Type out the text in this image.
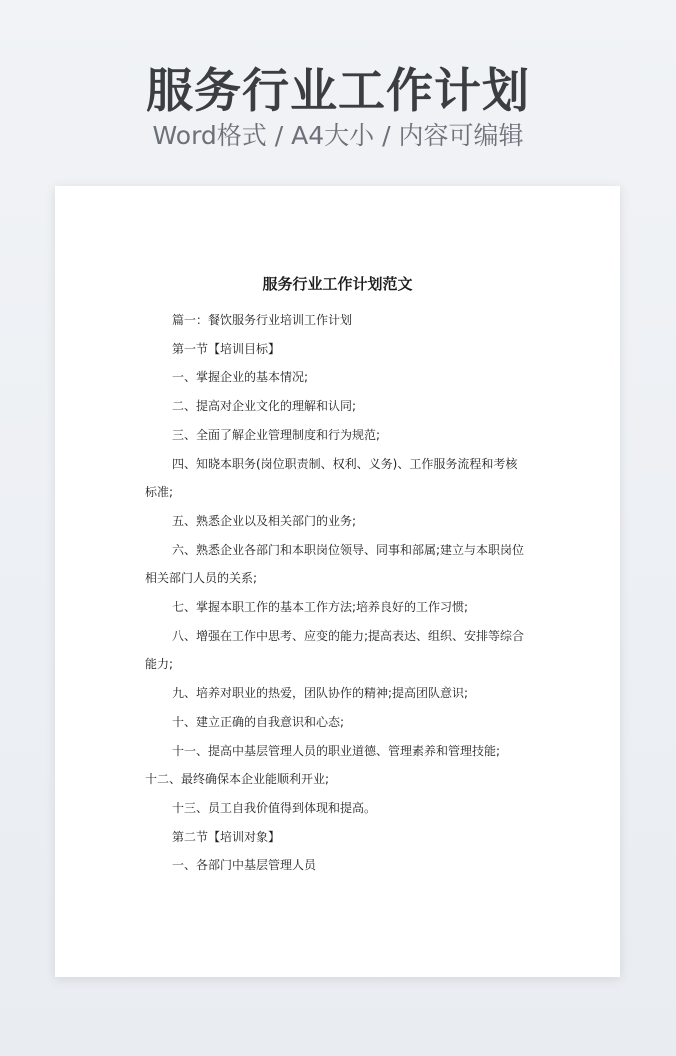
服务行业工作计划
Word格式 / A4大小 / 内容可编辑
服务行业工作计划范文

篇一：餐饮服务行业培训工作计划

第一节【培训目标】

一、掌握企业的基本情况;

二、提高对企业文化的理解和认同;

三、全面了解企业管理制度和行为规范;

四、知晓本职务(岗位职责制、权利、义务)、工作服务流程和考核标准;

五、熟悉企业以及相关部门的业务;

六、熟悉企业各部门和本职岗位领导、同事和部属;建立与本职岗位相关部门人员的关系;

七、掌握本职工作的基本工作方法;培养良好的工作习惯;

八、增强在工作中思考、应变的能力;提高表达、组织、安排等综合能力;

九、培养对职业的热爱，团队协作的精神;提高团队意识;

十、建立正确的自我意识和心态;

十一、提高中基层管理人员的职业道德、管理素养和管理技能;

十二、最终确保本企业能顺利开业;

十三、员工自我价值得到体现和提高。

第二节【培训对象】

一、各部门中基层管理人员
